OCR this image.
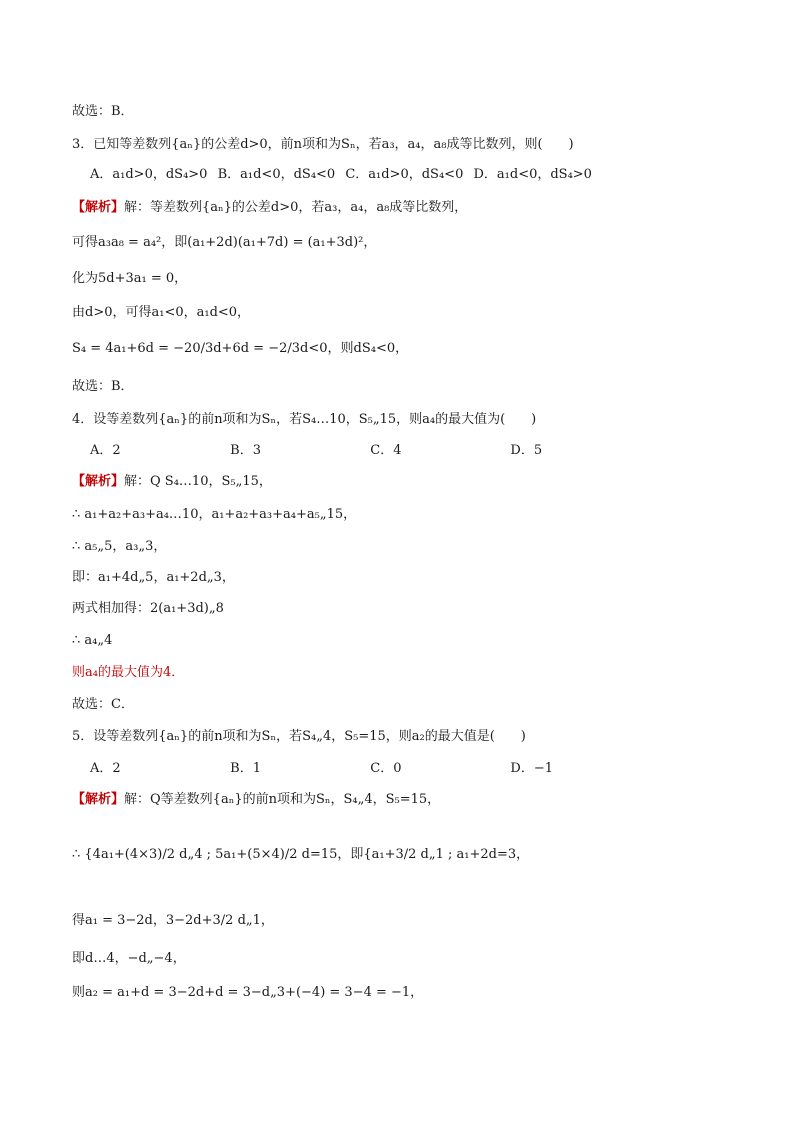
故选：B．
3．已知等差数列{aₙ}的公差d>0，前n项和为Sₙ，若a₃，a₄，a₈成等比数列，则(　　)
A．a₁d>0，dS₄>0 B．a₁d<0，dS₄<0 C．a₁d>0，dS₄<0 D．a₁d<0，dS₄>0
【解析】解：等差数列{aₙ}的公差d>0，若a₃，a₄，a₈成等比数列，
可得a₃a₈ = a₄²，即(a₁+2d)(a₁+7d) = (a₁+3d)²，
化为5d+3a₁ = 0，
由d>0，可得a₁<0，a₁d<0，
S₄ = 4a₁+6d = −20/3d+6d = −2/3d<0，则dS₄<0，
故选：B．
4．设等差数列{aₙ}的前n项和为Sₙ，若S₄…10，S₅„15，则a₄的最大值为(　　)
A．2	B．3	C．4	D．5
【解析】解：Q S₄…10，S₅„15，
∴ a₁+a₂+a₃+a₄…10，a₁+a₂+a₃+a₄+a₅„15，
∴ a₅„5，a₃„3，
即：a₁+4d„5，a₁+2d„3，
两式相加得：2(a₁+3d)„8
∴ a₄„4
则a₄的最大值为4．
故选：C．
5．设等差数列{aₙ}的前n项和为Sₙ，若S₄„4，S₅=15，则a₂的最大值是(　　)
A．2	B．1	C．0	D．−1
【解析】解：Q等差数列{aₙ}的前n项和为Sₙ，S₄„4，S₅=15，
∴ {4a₁+(4×3)/2 d„4 ; 5a₁+(5×4)/2 d=15，即{a₁+3/2 d„1 ; a₁+2d=3，
得a₁ = 3−2d，3−2d+3/2 d„1，
即d…4，−d„−4，
则a₂ = a₁+d = 3−2d+d = 3−d„3+(−4) = 3−4 = −1，
